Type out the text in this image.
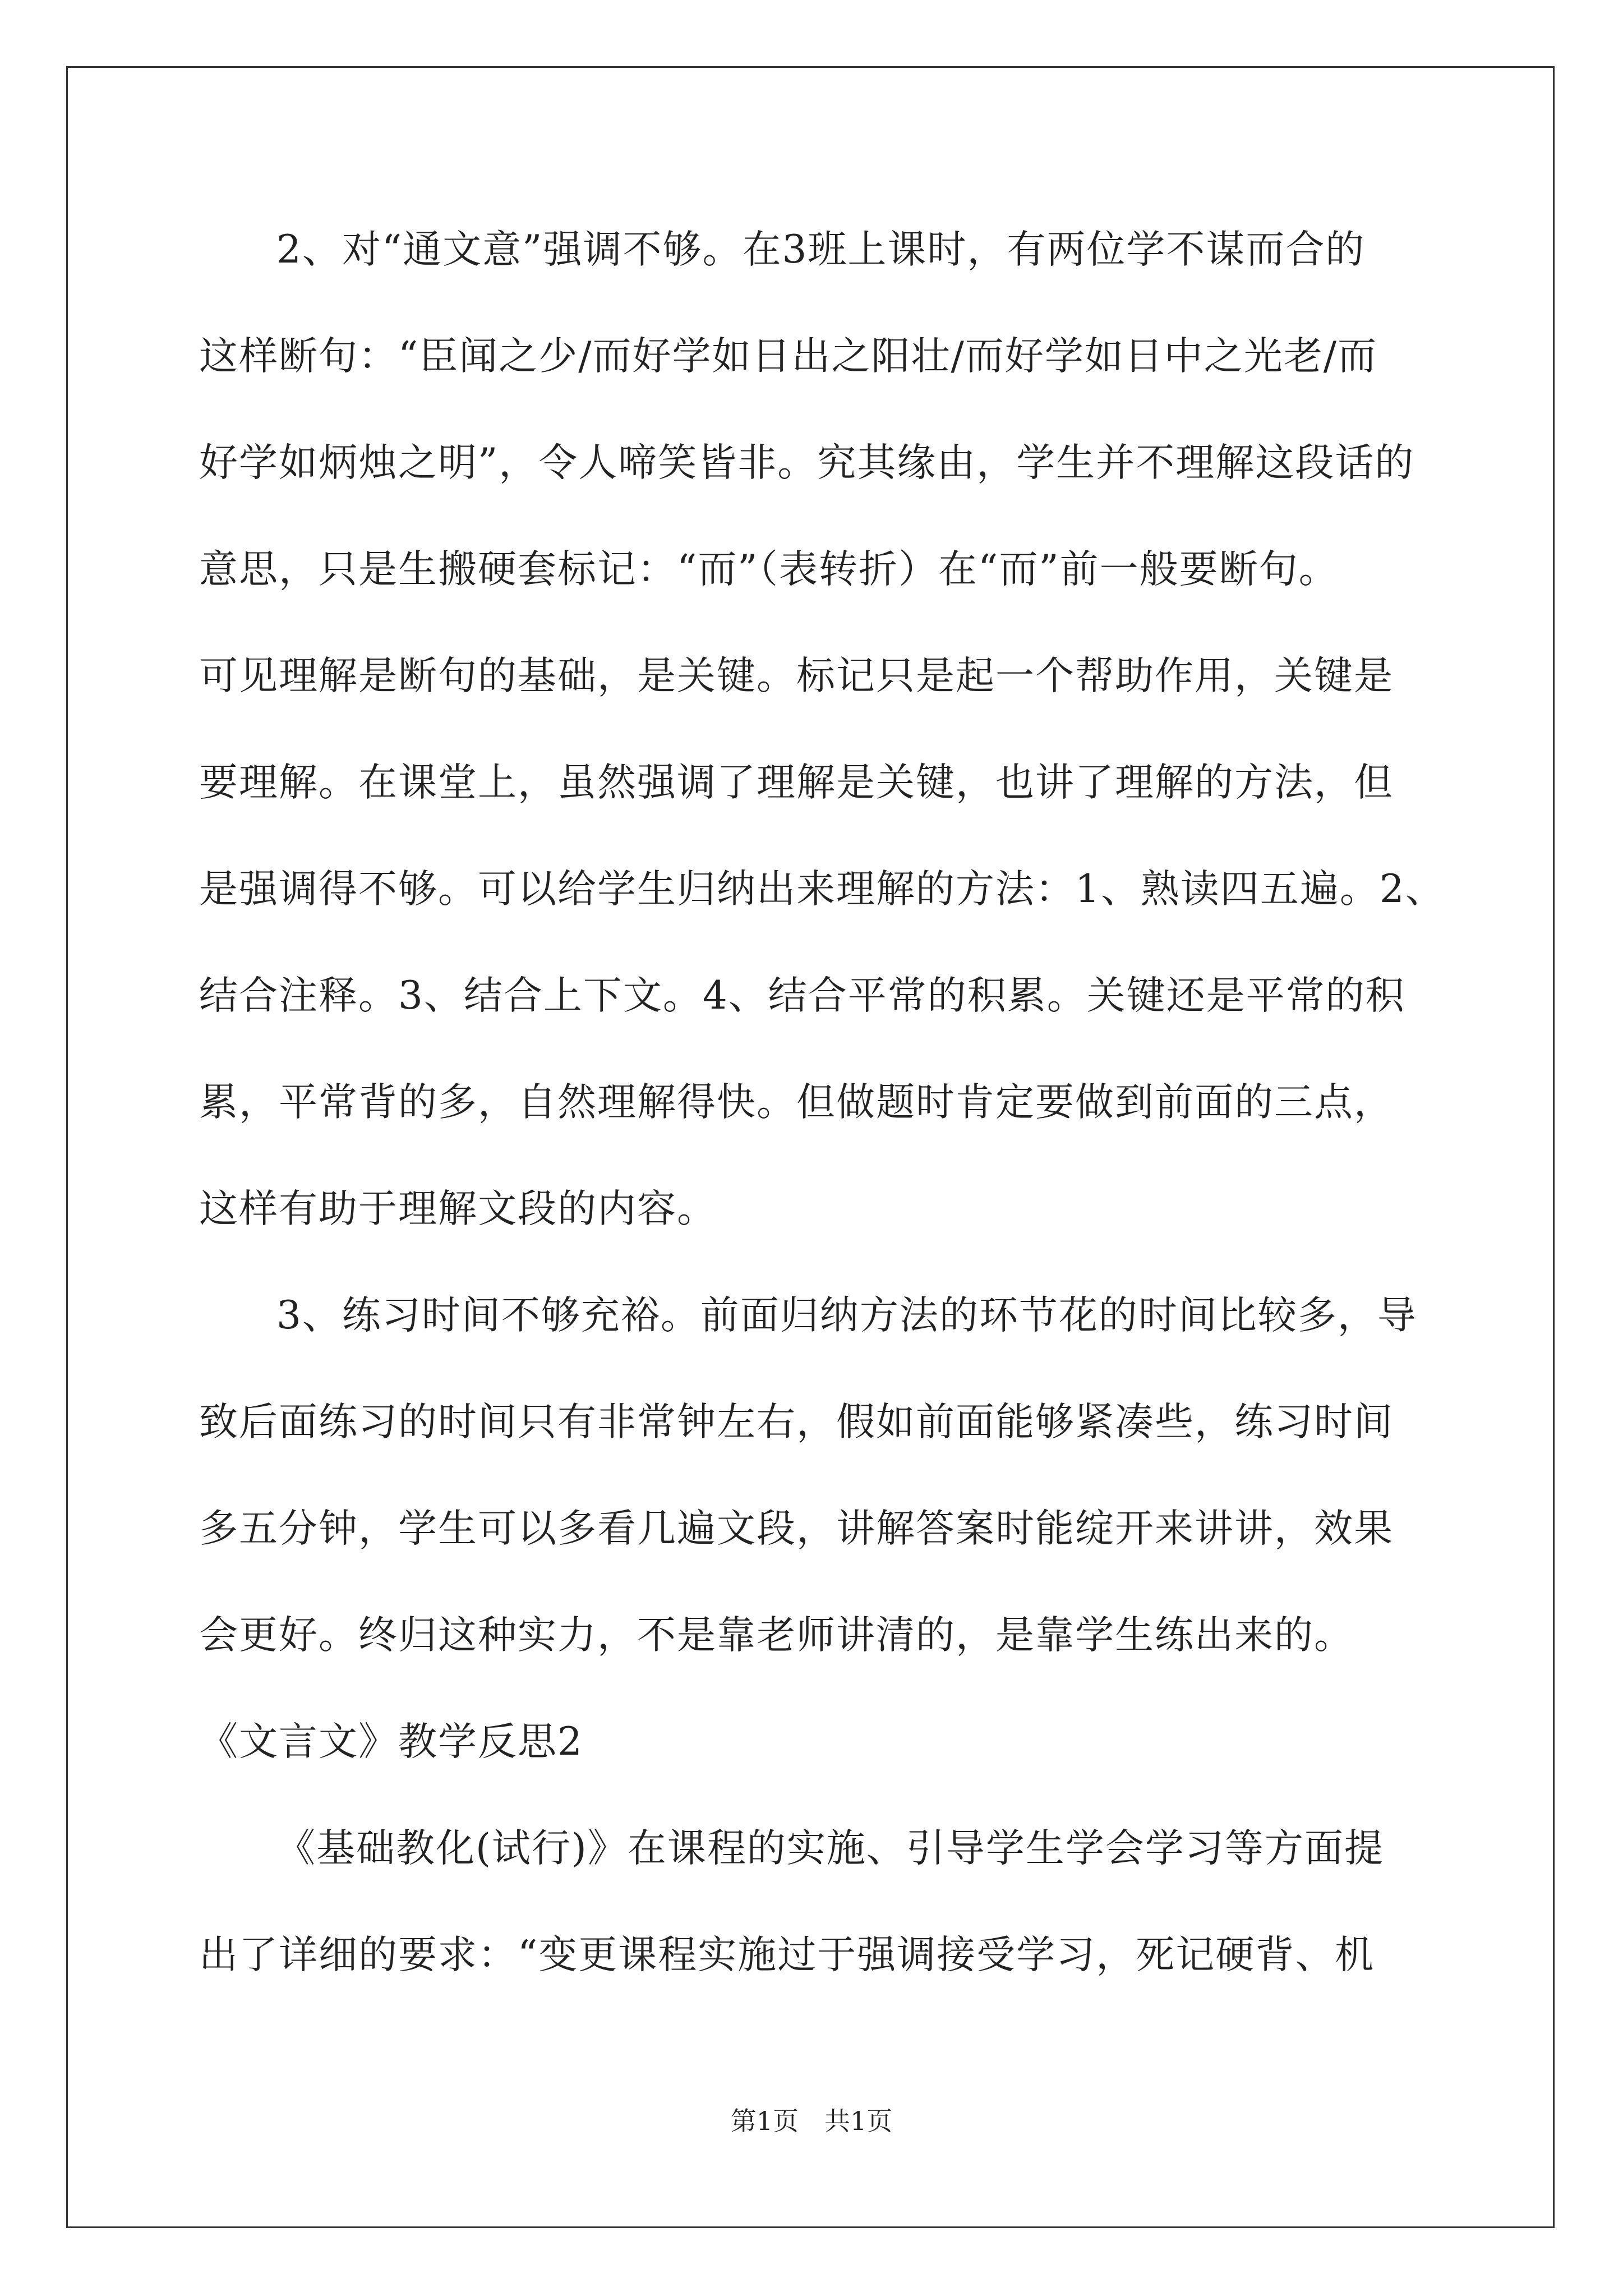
2、对“通文意”强调不够。在3班上课时，有两位学不谋而合的
这样断句：“臣闻之少/而好学如日出之阳壮/而好学如日中之光老/而
好学如炳烛之明”，令人啼笑皆非。究其缘由，学生并不理解这段话的
意思，只是生搬硬套标记：“而”（表转折）在“而”前一般要断句。
可见理解是断句的基础，是关键。标记只是起一个帮助作用，关键是
要理解。在课堂上，虽然强调了理解是关键，也讲了理解的方法，但
是强调得不够。可以给学生归纳出来理解的方法：1、熟读四五遍。2、
结合注释。3、结合上下文。4、结合平常的积累。关键还是平常的积
累，平常背的多，自然理解得快。但做题时肯定要做到前面的三点，
这样有助于理解文段的内容。
3、练习时间不够充裕。前面归纳方法的环节花的时间比较多，导
致后面练习的时间只有非常钟左右，假如前面能够紧凑些，练习时间
多五分钟，学生可以多看几遍文段，讲解答案时能绽开来讲讲，效果
会更好。终归这种实力，不是靠老师讲清的，是靠学生练出来的。
《文言文》教学反思2
《基础教化(试行)》在课程的实施、引导学生学会学习等方面提
出了详细的要求：“变更课程实施过于强调接受学习，死记硬背、机
第1页 共1页
